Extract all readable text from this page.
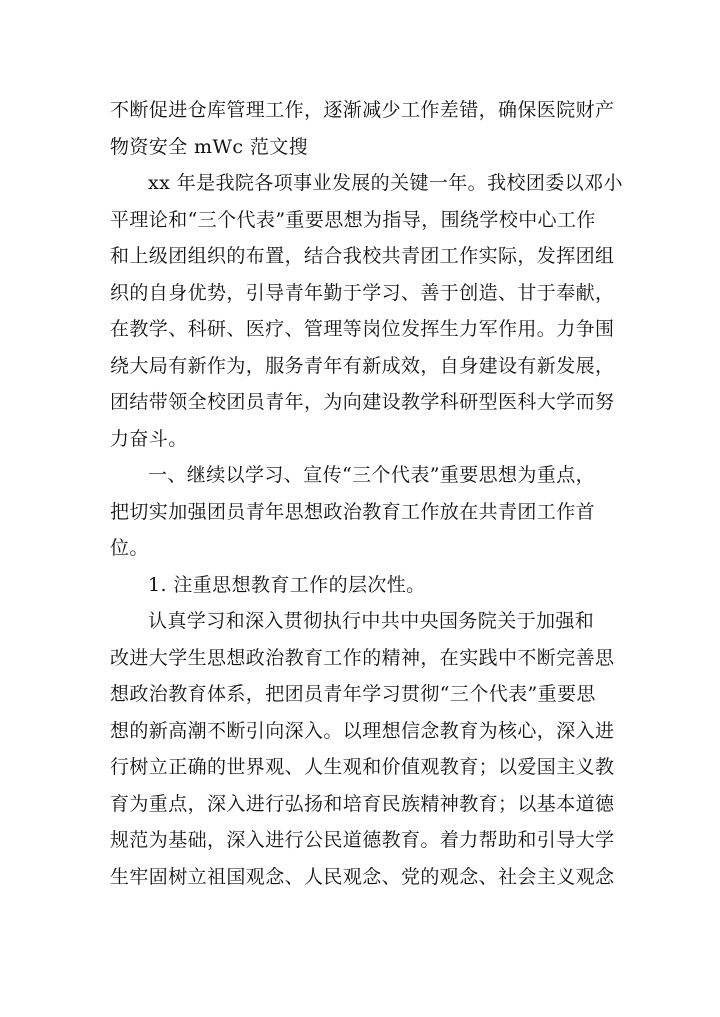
不断促进仓库管理工作，逐渐减少工作差错，确保医院财产
物资安全 mWc 范文搜
xx 年是我院各项事业发展的关键一年。我校团委以邓小
平理论和“三个代表”重要思想为指导，围绕学校中心工作
和上级团组织的布置，结合我校共青团工作实际，发挥团组
织的自身优势，引导青年勤于学习、善于创造、甘于奉献，
在教学、科研、医疗、管理等岗位发挥生力军作用。力争围
绕大局有新作为，服务青年有新成效，自身建设有新发展，
团结带领全校团员青年，为向建设教学科研型医科大学而努
力奋斗。
一、继续以学习、宣传“三个代表”重要思想为重点，
把切实加强团员青年思想政治教育工作放在共青团工作首
位。
1. 注重思想教育工作的层次性。
认真学习和深入贯彻执行中共中央国务院关于加强和
改进大学生思想政治教育工作的精神，在实践中不断完善思
想政治教育体系，把团员青年学习贯彻“三个代表”重要思
想的新高潮不断引向深入。以理想信念教育为核心，深入进
行树立正确的世界观、人生观和价值观教育；以爱国主义教
育为重点，深入进行弘扬和培育民族精神教育；以基本道德
规范为基础，深入进行公民道德教育。着力帮助和引导大学
生牢固树立祖国观念、人民观念、党的观念、社会主义观念
